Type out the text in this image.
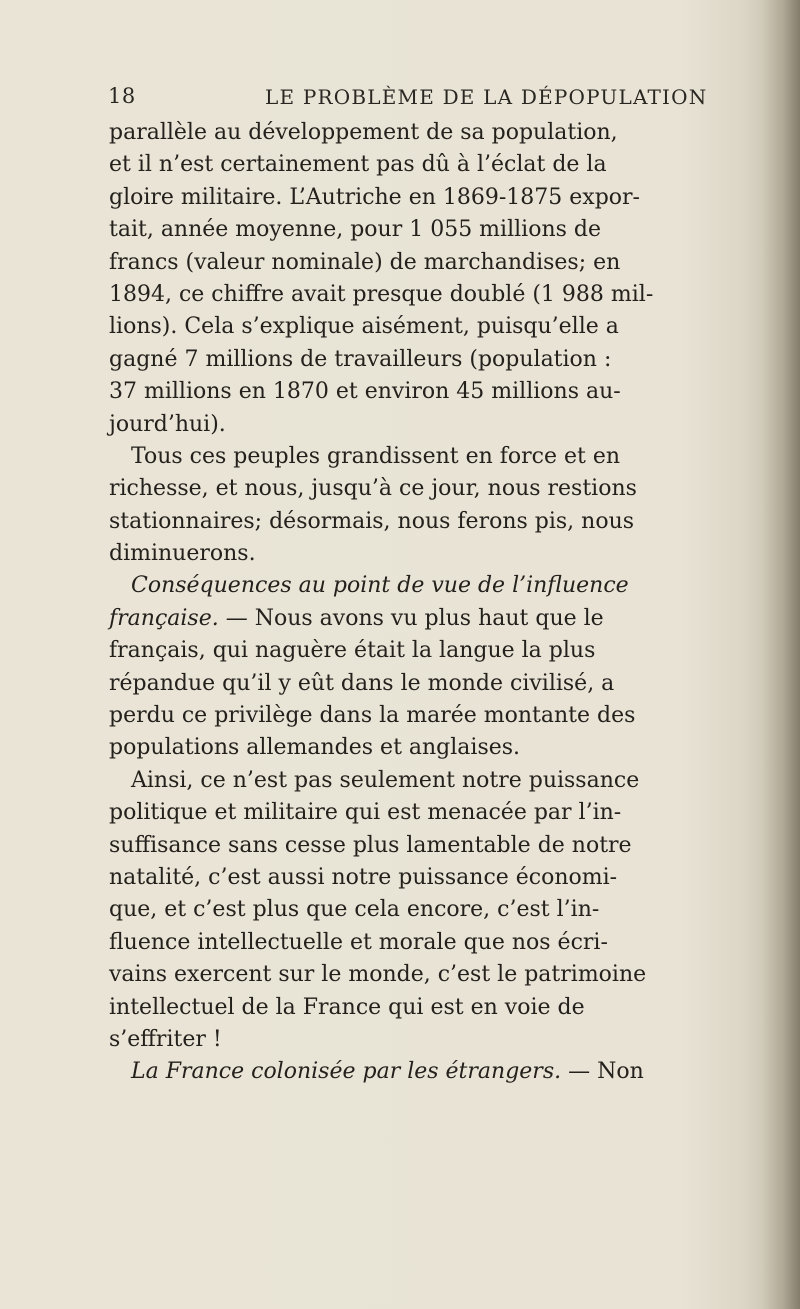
18	LE PROBLÈME DE LA DÉPOPULATION
parallèle au développement de sa population,
et il n’est certainement pas dû à l’éclat de la
gloire militaire. L’Autriche en 1869-1875 expor-
tait, année moyenne, pour 1 055 millions de
francs (valeur nominale) de marchandises; en
1894, ce chiffre avait presque doublé (1 988 mil-
lions). Cela s’explique aisément, puisqu’elle a
gagné 7 millions de travailleurs (population :
37 millions en 1870 et environ 45 millions au-
jourd’hui).
Tous ces peuples grandissent en force et en
richesse, et nous, jusqu’à ce jour, nous restions
stationnaires; désormais, nous ferons pis, nous
diminuerons.
Conséquences au point de vue de l’influence
française. — Nous avons vu plus haut que le
français, qui naguère était la langue la plus
répandue qu’il y eût dans le monde civilisé, a
perdu ce privilège dans la marée montante des
populations allemandes et anglaises.
Ainsi, ce n’est pas seulement notre puissance
politique et militaire qui est menacée par l’in-
suffisance sans cesse plus lamentable de notre
natalité, c’est aussi notre puissance économi-
que, et c’est plus que cela encore, c’est l’in-
fluence intellectuelle et morale que nos écri-
vains exercent sur le monde, c’est le patrimoine
intellectuel de la France qui est en voie de
s’effriter !
La France colonisée par les étrangers. — Non
